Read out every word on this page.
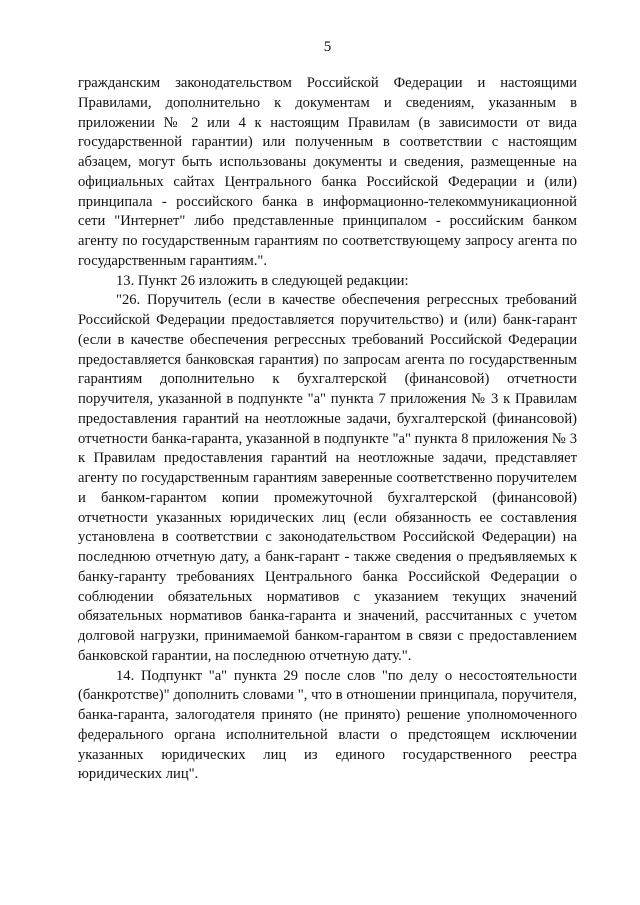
5

гражданским законодательством Российской Федерации и настоящими Правилами, дополнительно к документам и сведениям, указанным в приложении № 2 или 4 к настоящим Правилам (в зависимости от вида государственной гарантии) или полученным в соответствии с настоящим абзацем, могут быть использованы документы и сведения, размещенные на официальных сайтах Центрального банка Российской Федерации и (или) принципала - российского банка в информационно-телекоммуникационной сети "Интернет" либо представленные принципалом - российским банком агенту по государственным гарантиям по соответствующему запросу агента по государственным гарантиям.".

13. Пункт 26 изложить в следующей редакции:

"26. Поручитель (если в качестве обеспечения регрессных требований Российской Федерации предоставляется поручительство) и (или) банк-гарант (если в качестве обеспечения регрессных требований Российской Федерации предоставляется банковская гарантия) по запросам агента по государственным гарантиям дополнительно к бухгалтерской (финансовой) отчетности поручителя, указанной в подпункте "а" пункта 7 приложения № 3 к Правилам предоставления гарантий на неотложные задачи, бухгалтерской (финансовой) отчетности банка-гаранта, указанной в подпункте "а" пункта 8 приложения № 3 к Правилам предоставления гарантий на неотложные задачи, представляет агенту по государственным гарантиям заверенные соответственно поручителем и банком-гарантом копии промежуточной бухгалтерской (финансовой) отчетности указанных юридических лиц (если обязанность ее составления установлена в соответствии с законодательством Российской Федерации) на последнюю отчетную дату, а банк-гарант - также сведения о предъявляемых к банку-гаранту требованиях Центрального банка Российской Федерации о соблюдении обязательных нормативов с указанием текущих значений обязательных нормативов банка-гаранта и значений, рассчитанных с учетом долговой нагрузки, принимаемой банком-гарантом в связи с предоставлением банковской гарантии, на последнюю отчетную дату.".

14. Подпункт "а" пункта 29 после слов "по делу о несостоятельности (банкротстве)" дополнить словами ", что в отношении принципала, поручителя, банка-гаранта, залогодателя принято (не принято) решение уполномоченного федерального органа исполнительной власти о предстоящем исключении указанных юридических лиц из единого государственного реестра юридических лиц".
